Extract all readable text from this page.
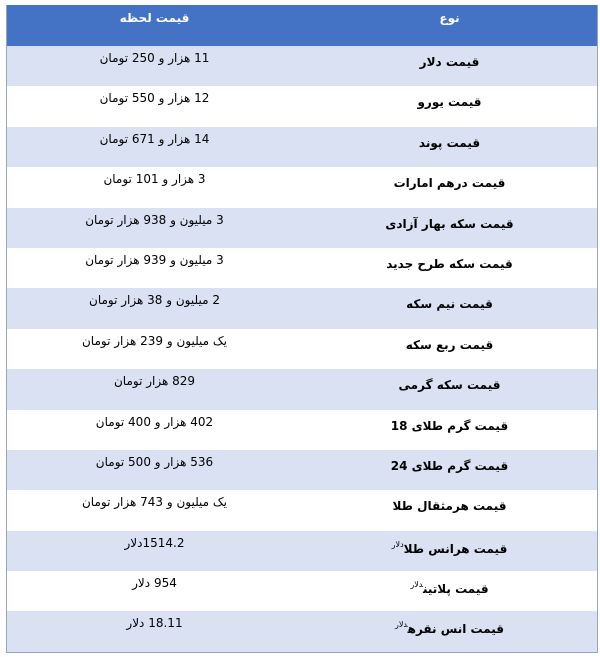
قیمت لحظه	نوع
11 هزار و 250 تومان	قیمت دلار
12 هزار و 550 تومان	قیمت یورو
14 هزار و 671 تومان	قیمت پوند
3 هزار و 101 تومان	قیمت درهم امارات
3 میلیون و 938 هزار تومان	قیمت سکه بهار آزادی
3 میلیون و 939 هزار تومان	قیمت سکه طرح جدید
2 میلیون و 38 هزار تومان	قیمت نیم سکه
یک میلیون و 239 هزار تومان	قیمت ربع سکه
829 هزار تومان	قیمت سکه گرمی
402 هزار و 400 تومان	قیمت گرم طلای 18
536 هزار و 500 تومان	قیمت گرم طلای 24
یک میلیون و 743 هزار تومان	قیمت هرمثقال طلا
1514.2دلار	قیمت هرانس طلا$^{دلار}$
954 دلار	قیمت پلاتین$^{دلار}$
18.11 دلار	قیمت انس نقره$^{دلار}$
